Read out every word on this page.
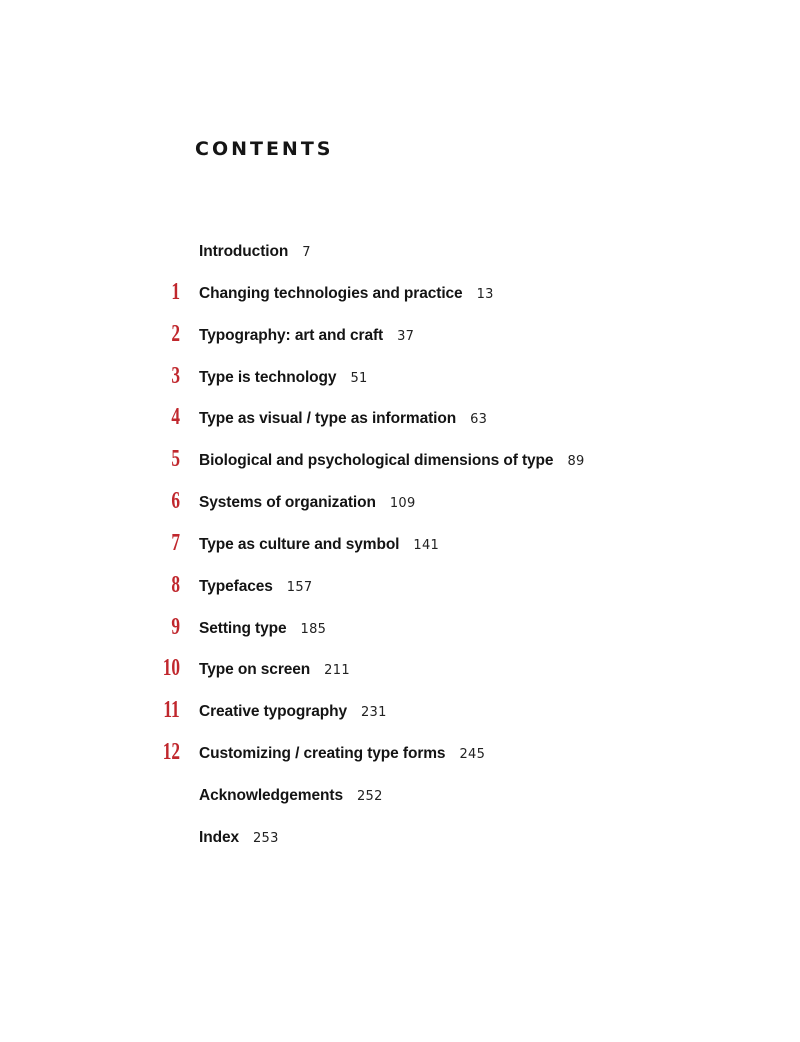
CONTENTS
Introduction 7
1 Changing technologies and practice 13
2 Typography: art and craft 37
3 Type is technology 51
4 Type as visual / type as information 63
5 Biological and psychological dimensions of type 89
6 Systems of organization 109
7 Type as culture and symbol 141
8 Typefaces 157
9 Setting type 185
10 Type on screen 211
11 Creative typography 231
12 Customizing / creating type forms 245
Acknowledgements 252
Index 253
